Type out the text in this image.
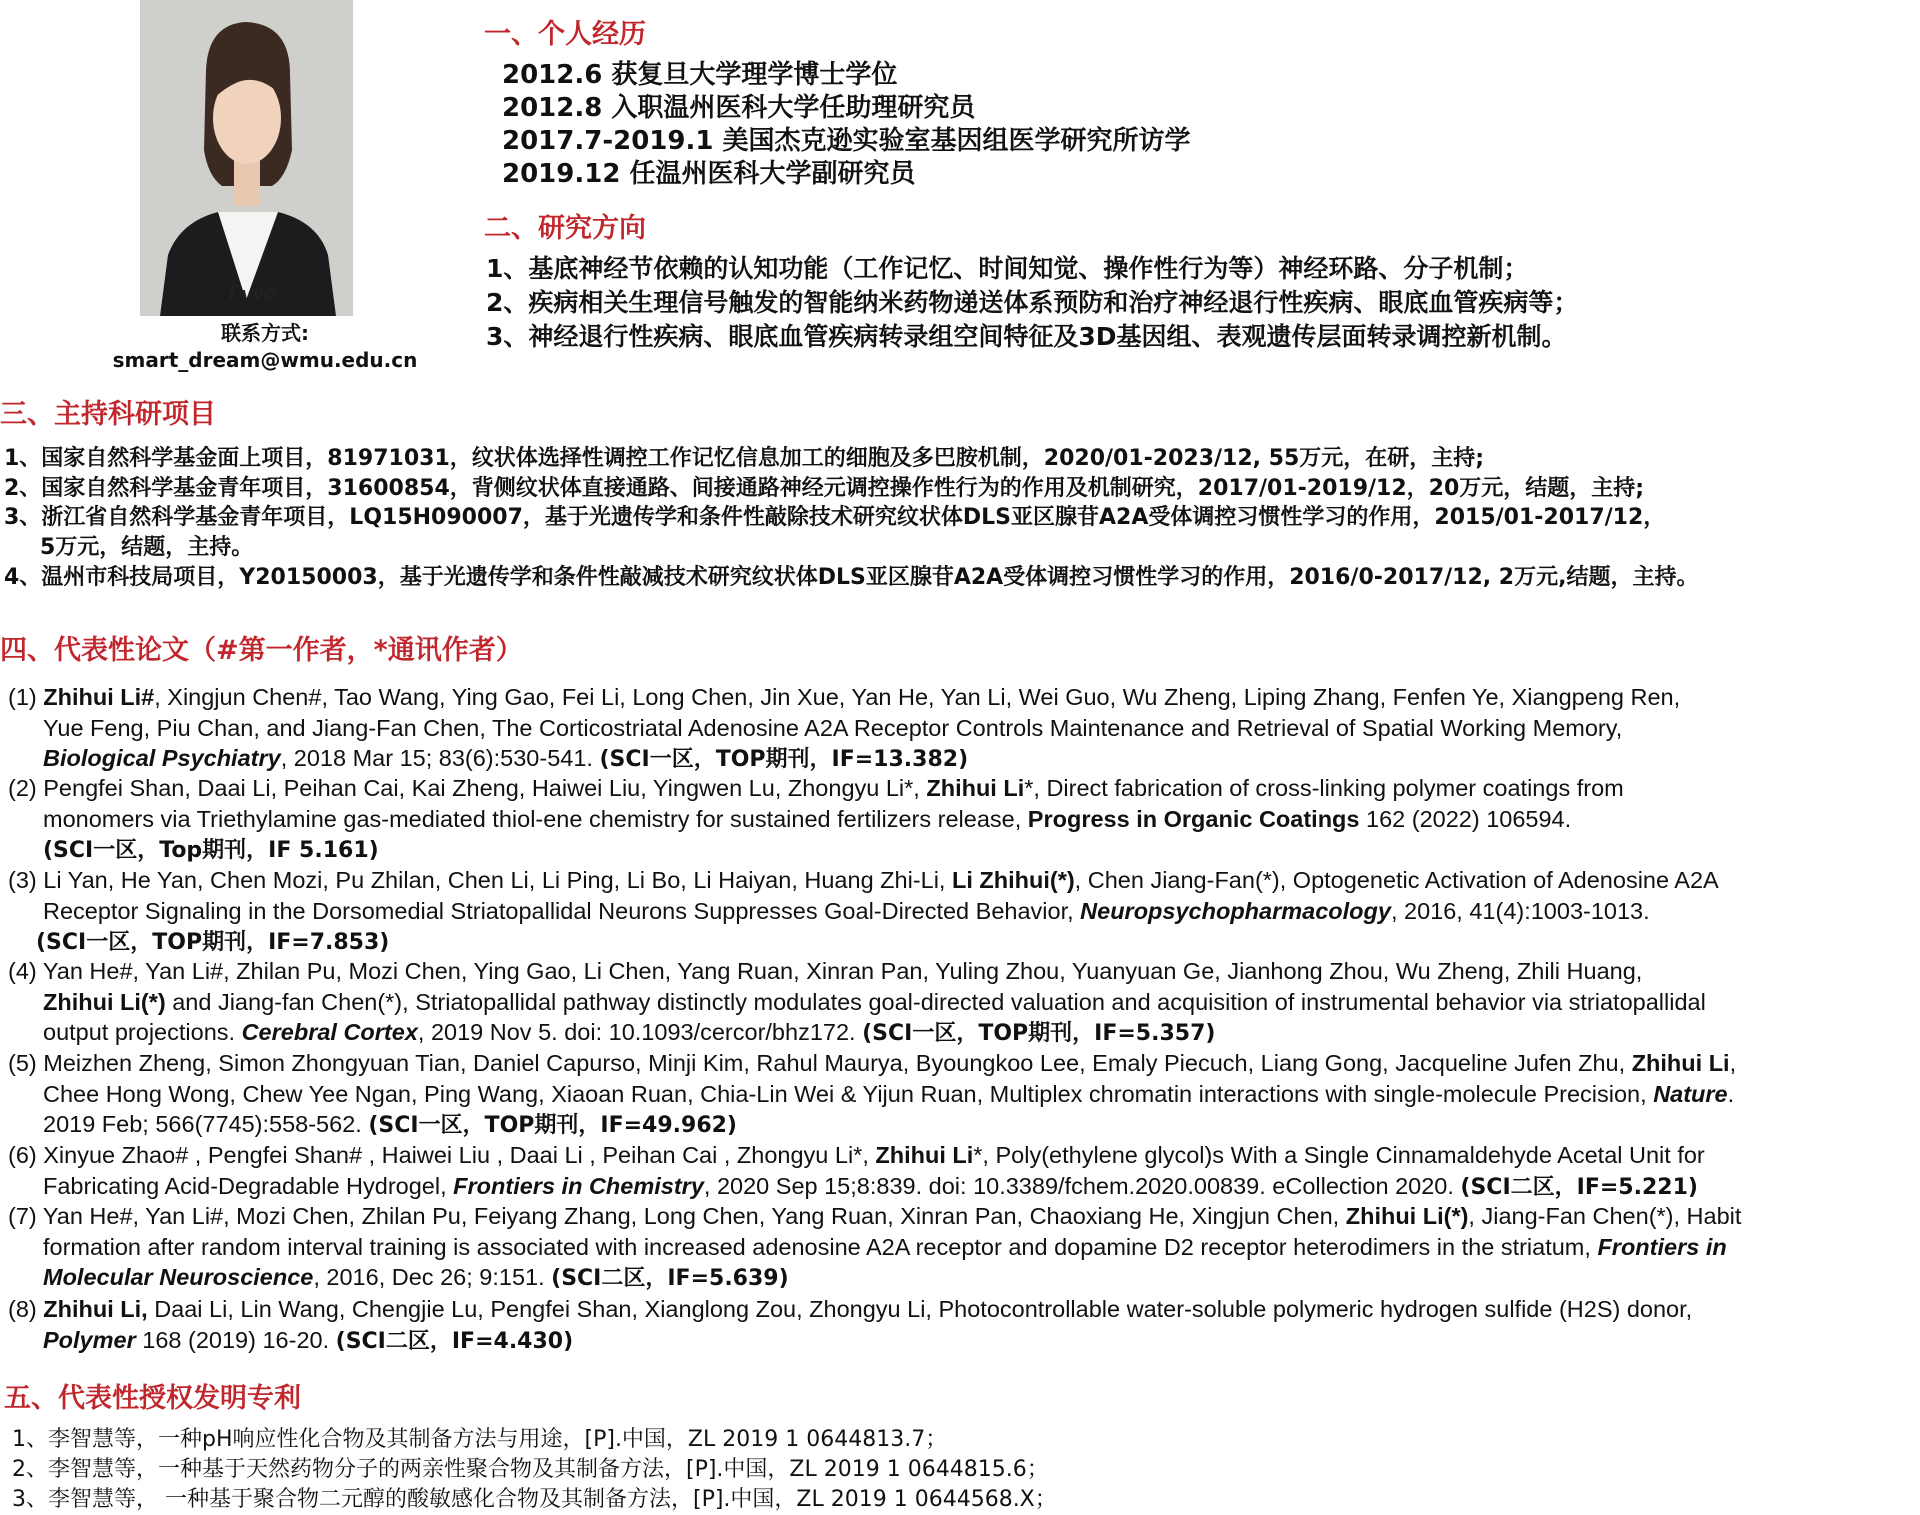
Lvvd
联系方式:
smart_dream@wmu.edu.cn
一、个人经历
2012.6 获复旦大学理学博士学位
2012.8 入职温州医科大学任助理研究员
2017.7-2019.1 美国杰克逊实验室基因组医学研究所访学
2019.12 任温州医科大学副研究员
二、研究方向
1、基底神经节依赖的认知功能（工作记忆、时间知觉、操作性行为等）神经环路、分子机制；
2、疾病相关生理信号触发的智能纳米药物递送体系预防和治疗神经退行性疾病、眼底血管疾病等；
3、神经退行性疾病、眼底血管疾病转录组空间特征及3D基因组、表观遗传层面转录调控新机制。
三、主持科研项目
1、国家自然科学基金面上项目，81971031，纹状体选择性调控工作记忆信息加工的细胞及多巴胺机制，2020/01-2023/12, 55万元，在研，主持;
2、国家自然科学基金青年项目，31600854，背侧纹状体直接通路、间接通路神经元调控操作性行为的作用及机制研究，2017/01-2019/12，20万元，结题，主持;
3、浙江省自然科学基金青年项目，LQ15H090007，基于光遗传学和条件性敲除技术研究纹状体DLS亚区腺苷A2A受体调控习惯性学习的作用，2015/01-2017/12，
5万元，结题，主持。
4、温州市科技局项目，Y20150003，基于光遗传学和条件性敲减技术研究纹状体DLS亚区腺苷A2A受体调控习惯性学习的作用，2016/0-2017/12, 2万元,结题，主持。
四、代表性论文（#第一作者，*通讯作者）
(1) Zhihui Li#, Xingjun Chen#, Tao Wang, Ying Gao, Fei Li, Long Chen, Jin Xue, Yan He, Yan Li, Wei Guo, Wu Zheng, Liping Zhang, Fenfen Ye, Xiangpeng Ren,
Yue Feng, Piu Chan, and Jiang-Fan Chen, The Corticostriatal Adenosine A2A Receptor Controls Maintenance and Retrieval of Spatial Working Memory,
Biological Psychiatry, 2018 Mar 15; 83(6):530-541. (SCI一区，TOP期刊，IF=13.382)
(2) Pengfei Shan, Daai Li, Peihan Cai, Kai Zheng, Haiwei Liu, Yingwen Lu, Zhongyu Li*, Zhihui Li*, Direct fabrication of cross-linking polymer coatings from
monomers via Triethylamine gas-mediated thiol-ene chemistry for sustained fertilizers release, Progress in Organic Coatings 162 (2022) 106594.
(SCI一区，Top期刊，IF 5.161)
(3) Li Yan, He Yan, Chen Mozi, Pu Zhilan, Chen Li, Li Ping, Li Bo, Li Haiyan, Huang Zhi-Li, Li Zhihui(*), Chen Jiang-Fan(*), Optogenetic Activation of Adenosine A2A
Receptor Signaling in the Dorsomedial Striatopallidal Neurons Suppresses Goal-Directed Behavior, Neuropsychopharmacology, 2016, 41(4):1003-1013.
(SCI一区，TOP期刊，IF=7.853)
(4) Yan He#, Yan Li#, Zhilan Pu, Mozi Chen, Ying Gao, Li Chen, Yang Ruan, Xinran Pan, Yuling Zhou, Yuanyuan Ge, Jianhong Zhou, Wu Zheng, Zhili Huang,
Zhihui Li(*) and Jiang-fan Chen(*), Striatopallidal pathway distinctly modulates goal-directed valuation and acquisition of instrumental behavior via striatopallidal
output projections. Cerebral Cortex, 2019 Nov 5. doi: 10.1093/cercor/bhz172. (SCI一区，TOP期刊，IF=5.357)
(5) Meizhen Zheng, Simon Zhongyuan Tian, Daniel Capurso, Minji Kim, Rahul Maurya, Byoungkoo Lee, Emaly Piecuch, Liang Gong, Jacqueline Jufen Zhu, Zhihui Li,
Chee Hong Wong, Chew Yee Ngan, Ping Wang, Xiaoan Ruan, Chia-Lin Wei & Yijun Ruan, Multiplex chromatin interactions with single-molecule Precision, Nature.
2019 Feb; 566(7745):558-562. (SCI一区，TOP期刊，IF=49.962)
(6) Xinyue Zhao# , Pengfei Shan# , Haiwei Liu , Daai Li , Peihan Cai , Zhongyu Li*, Zhihui Li*, Poly(ethylene glycol)s With a Single Cinnamaldehyde Acetal Unit for
Fabricating Acid-Degradable Hydrogel, Frontiers in Chemistry, 2020 Sep 15;8:839. doi: 10.3389/fchem.2020.00839. eCollection 2020. (SCI二区，IF=5.221)
(7) Yan He#, Yan Li#, Mozi Chen, Zhilan Pu, Feiyang Zhang, Long Chen, Yang Ruan, Xinran Pan, Chaoxiang He, Xingjun Chen, Zhihui Li(*), Jiang-Fan Chen(*), Habit
formation after random interval training is associated with increased adenosine A2A receptor and dopamine D2 receptor heterodimers in the striatum, Frontiers in
Molecular Neuroscience, 2016, Dec 26; 9:151. (SCI二区，IF=5.639)
(8) Zhihui Li, Daai Li, Lin Wang, Chengjie Lu, Pengfei Shan, Xianglong Zou, Zhongyu Li, Photocontrollable water-soluble polymeric hydrogen sulfide (H2S) donor,
Polymer 168 (2019) 16-20. (SCI二区，IF=4.430)
五、代表性授权发明专利
1、李智慧等，一种pH响应性化合物及其制备方法与用途，[P].中国，ZL 2019 1 0644813.7；
2、李智慧等，一种基于天然药物分子的两亲性聚合物及其制备方法，[P].中国，ZL 2019 1 0644815.6；
3、李智慧等， 一种基于聚合物二元醇的酸敏感化合物及其制备方法，[P].中国，ZL 2019 1 0644568.X；
